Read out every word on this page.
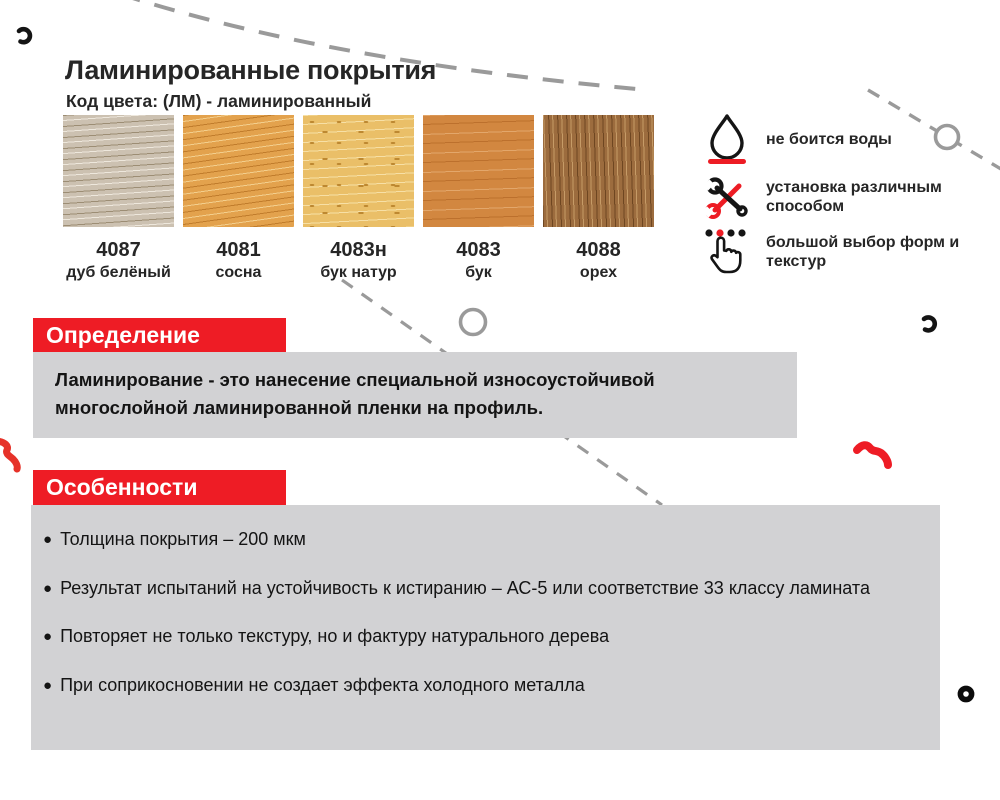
Ламинированные покрытия
Код цвета: (ЛМ) - ламинированный
4087
дуб белёный
4081
сосна
4083н
бук натур
4083
бук
4088
орех
не боится воды
установка различным способом
большой выбор форм и текстур
Определение
Ламинирование - это нанесение специальной износоустойчивой многослойной ламинированной пленки на профиль.
Особенности
● Толщина покрытия – 200 мкм
● Результат испытаний на устойчивость к истиранию – АС-5 или соответствие 33 классу ламината
● Повторяет не только текстуру, но и фактуру натурального дерева
● При соприкосновении не создает эффекта холодного металла
